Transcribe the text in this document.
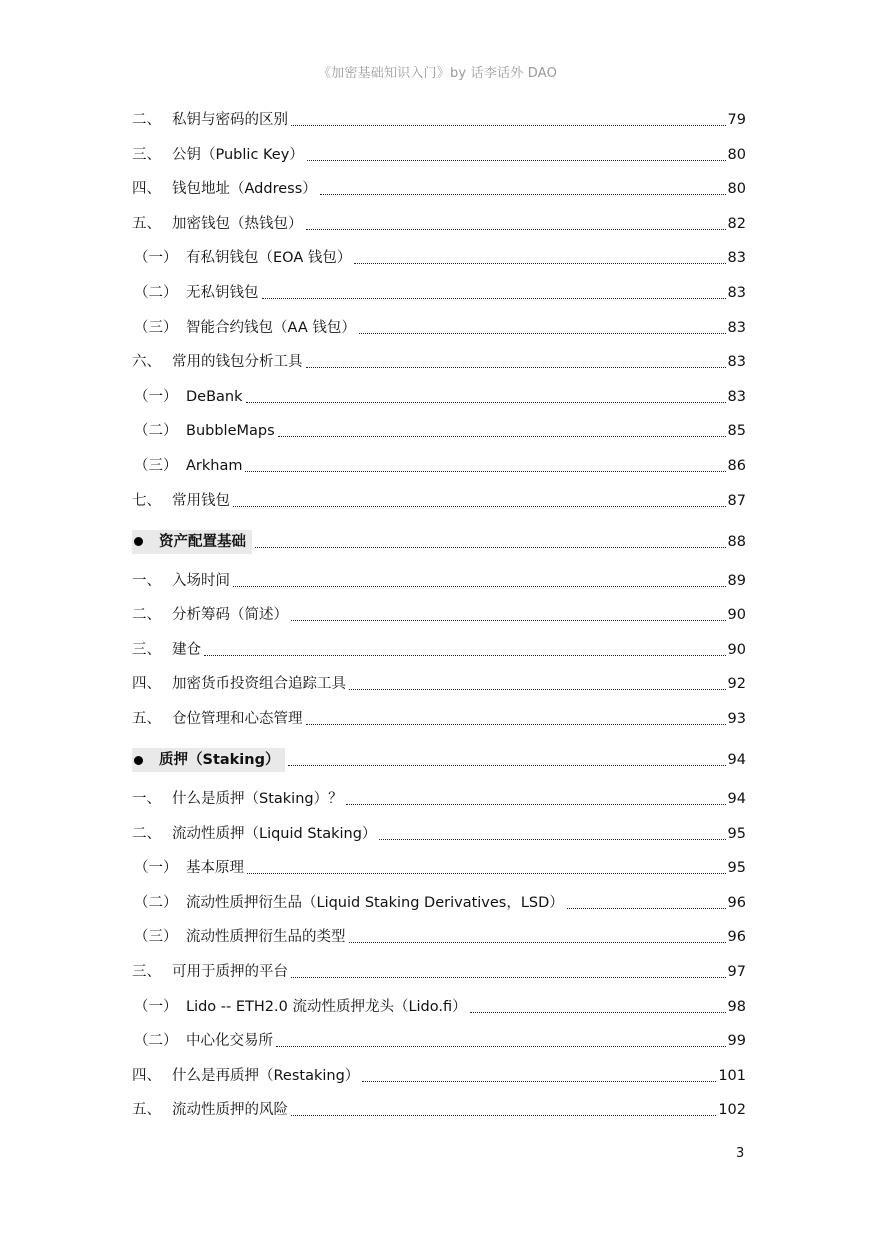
《加密基础知识入门》by 话李话外 DAO
二、 私钥与密码的区别	79
三、 公钥（Public Key）	80
四、 钱包地址（Address）	80
五、 加密钱包（热钱包）	82
（一） 有私钥钱包（EOA 钱包）	83
（二） 无私钥钱包	83
（三） 智能合约钱包（AA 钱包）	83
六、 常用的钱包分析工具	83
（一） DeBank	83
（二） BubbleMaps	85
（三） Arkham	86
七、 常用钱包	87
资产配置基础	88
一、 入场时间	89
二、 分析筹码（简述）	90
三、 建仓	90
四、 加密货币投资组合追踪工具	92
五、 仓位管理和心态管理	93
质押（Staking）	94
一、 什么是质押（Staking）？	94
二、 流动性质押（Liquid Staking）	95
（一） 基本原理	95
（二） 流动性质押衍生品（Liquid Staking Derivatives，LSD）	96
（三） 流动性质押衍生品的类型	96
三、 可用于质押的平台	97
（一） Lido -- ETH2.0 流动性质押龙头（Lido.fi）	98
（二） 中心化交易所	99
四、 什么是再质押（Restaking）	101
五、 流动性质押的风险	102
3
